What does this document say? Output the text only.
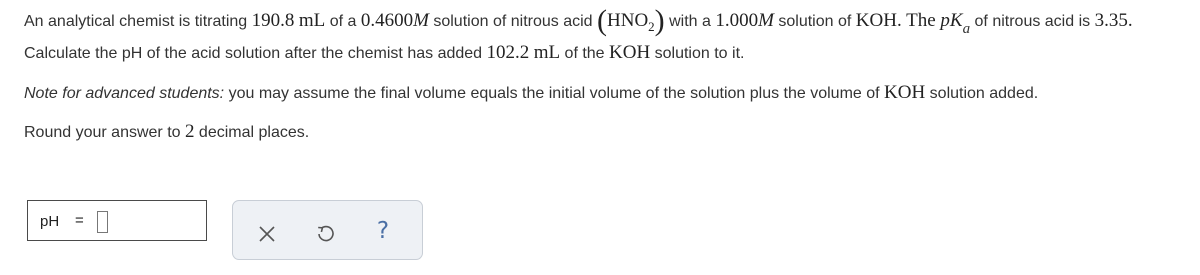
An analytical chemist is titrating 190.8 mL of a 0.4600M solution of nitrous acid $(HNO_2)$ with a 1.000M solution of KOH. The pKa of nitrous acid is 3.35.
Calculate the pH of the acid solution after the chemist has added 102.2 mL of the KOH solution to it.
Note for advanced students: you may assume the final volume equals the initial volume of the solution plus the volume of KOH solution added.
Round your answer to 2 decimal places.
pH =	?
